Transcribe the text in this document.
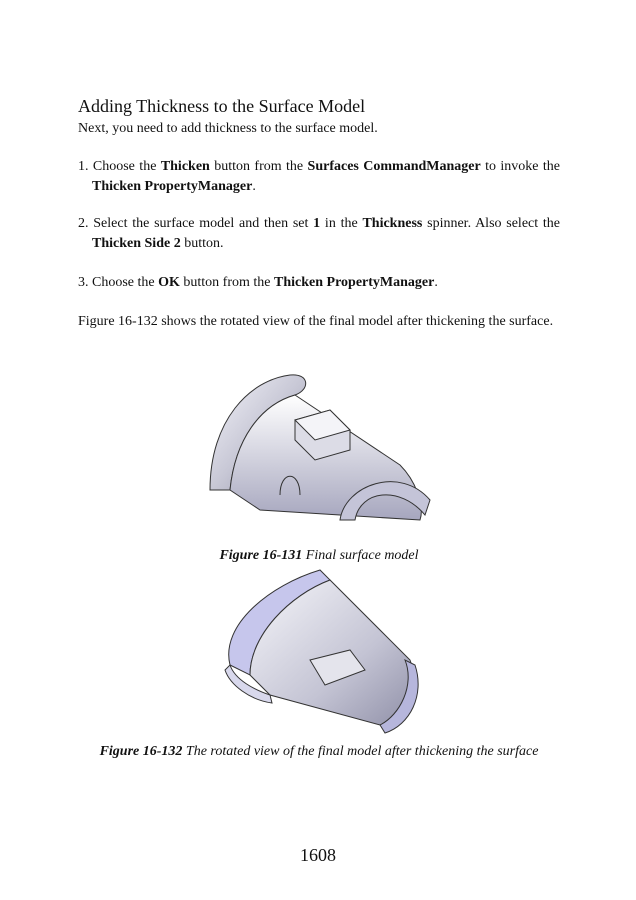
Adding Thickness to the Surface Model

Next, you need to add thickness to the surface model.

1. Choose the Thicken button from the Surfaces CommandManager to invoke the Thicken PropertyManager.

2. Select the surface model and then set 1 in the Thickness spinner. Also select the Thicken Side 2 button.

3. Choose the OK button from the Thicken PropertyManager.

Figure 16-132 shows the rotated view of the final model after thickening the surface.

Figure 16-131 Final surface model
Figure 16-132 The rotated view of the final model after thickening the surface
1608
